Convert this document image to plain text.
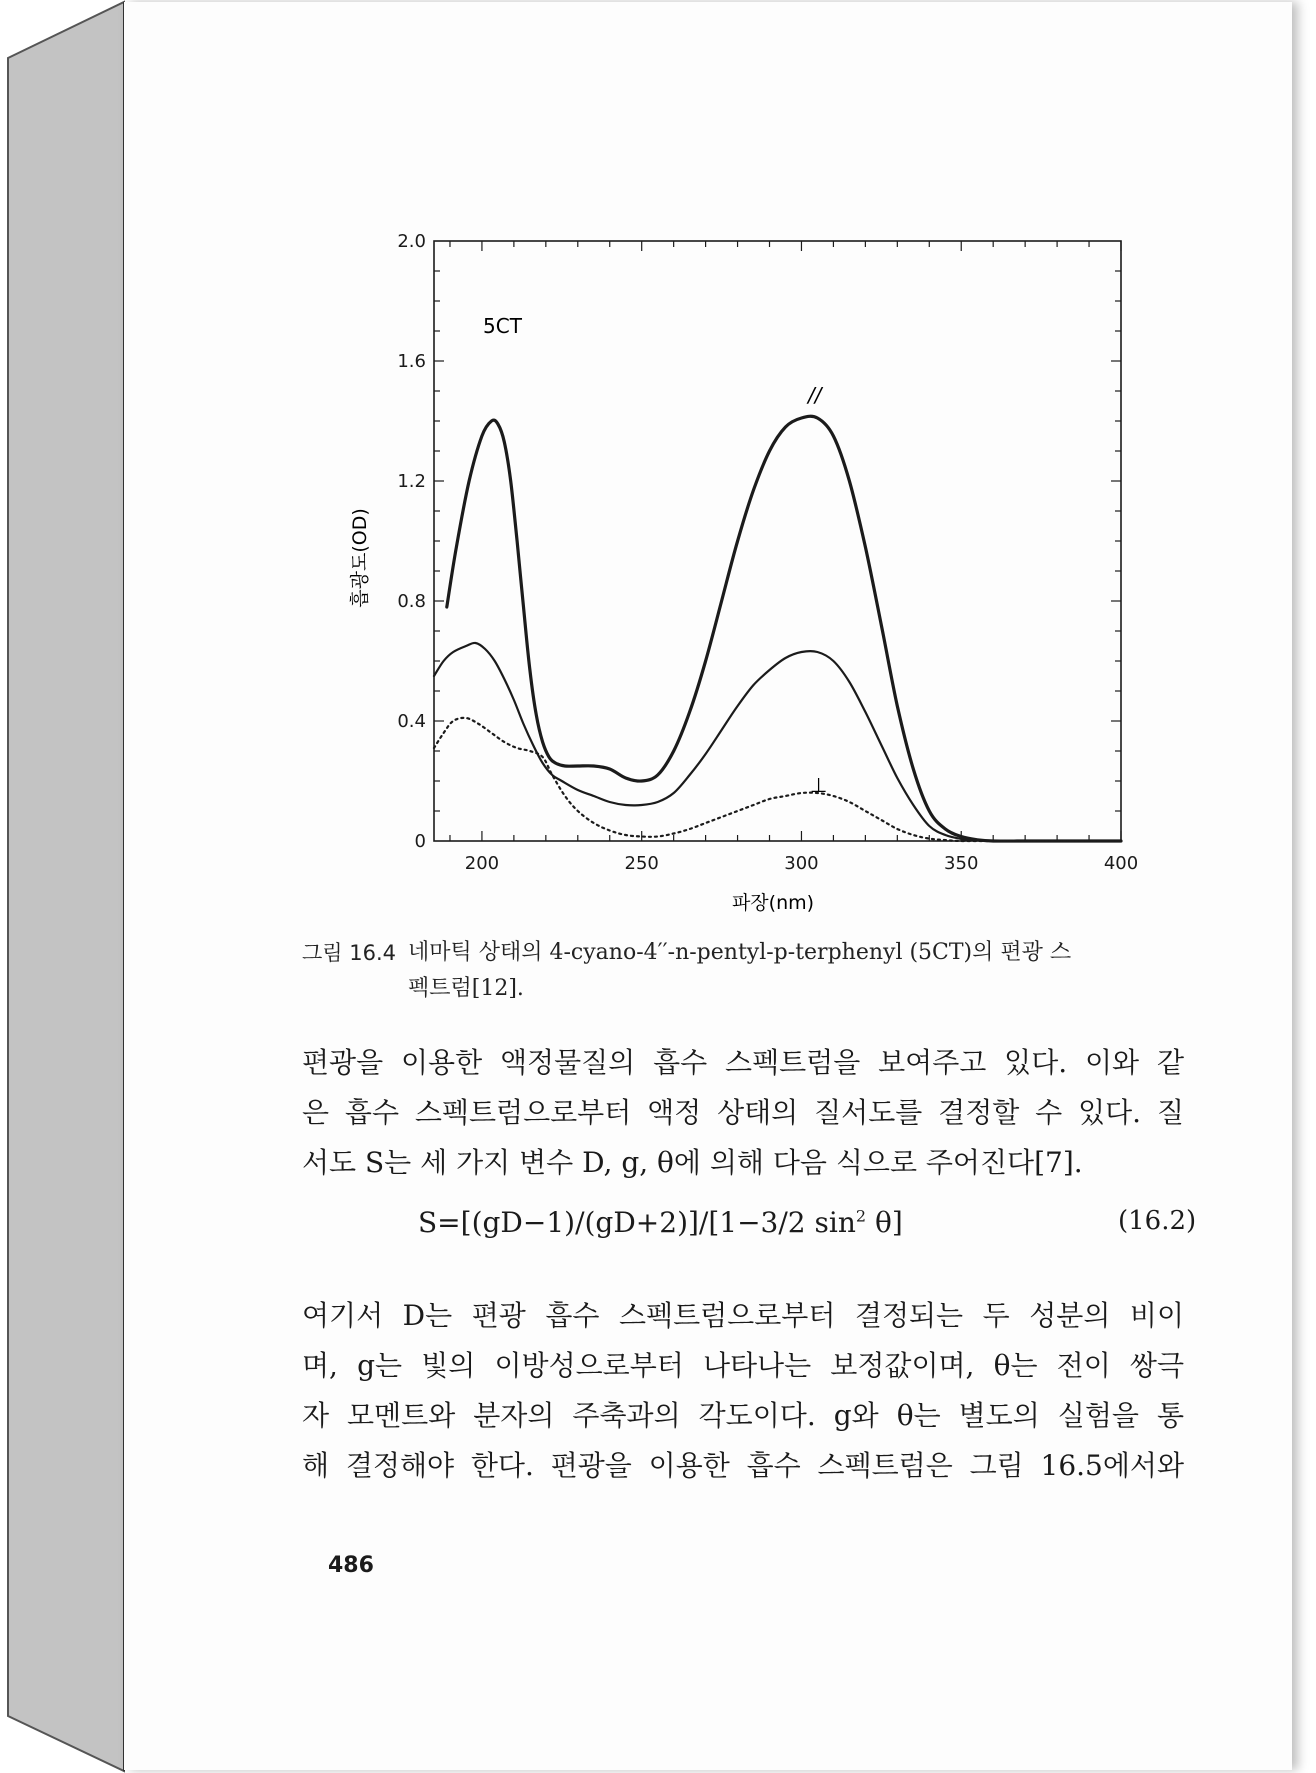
200	250	300	350	400
0
0.4
0.8
1.2
1.6
2.0
5CT
//
⊥
파장(nm)
흡광도(OD)
그림 16.4 네마틱 상태의 4-cyano-4′′-n-pentyl-p-terphenyl (5CT)의 편광 스
펙트럼[12].
편광을 이용한 액정물질의 흡수 스펙트럼을 보여주고 있다. 이와 같
은 흡수 스펙트럼으로부터 액정 상태의 질서도를 결정할 수 있다. 질
서도 S는 세 가지 변수 D, g, θ에 의해 다음 식으로 주어진다[7].
S=[(gD−1)/(gD+2)]/[1−3/2 $\sin^2 \theta$]	(16.2)
여기서 D는 편광 흡수 스펙트럼으로부터 결정되는 두 성분의 비이
며, g는 빛의 이방성으로부터 나타나는 보정값이며, θ는 전이 쌍극
자 모멘트와 분자의 주축과의 각도이다. g와 θ는 별도의 실험을 통
해 결정해야 한다. 편광을 이용한 흡수 스펙트럼은 그림 16.5에서와
486
